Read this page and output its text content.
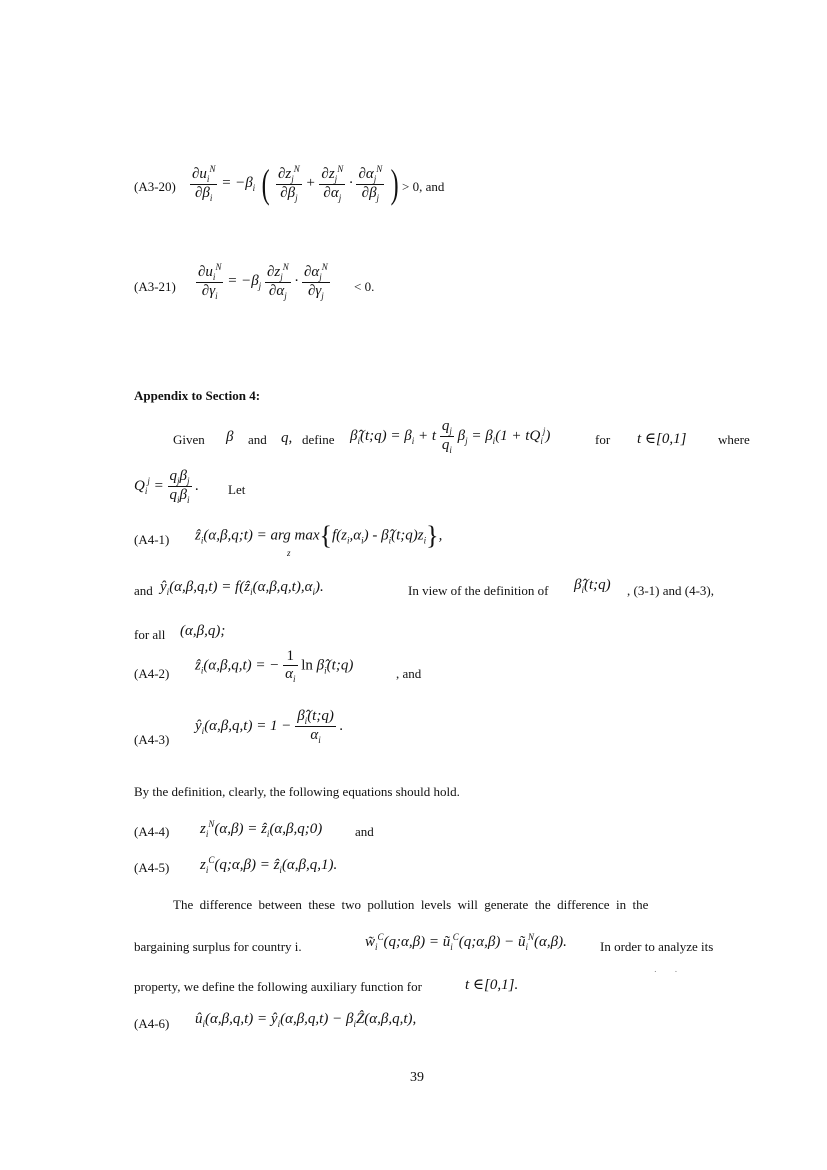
$(A3-20) \frac{\partial u_i^N}{\partial\beta_i} = -\beta_i$ ( $\frac{\partial z_j^N}{\partial\beta_j} + \frac{\partial z_j^N}{\partial\alpha_j} \cdot \frac{\partial\alpha_j^N}{\partial\beta_j}$ ) > 0, and
$(A3-21) \frac{\partial u_i^N}{\partial\gamma_i} = -\beta_j \frac{\partial z_j^N}{\partial\alpha_j} \cdot \frac{\partial\alpha_j^N}{\partial\gamma_j} < 0$.
Appendix to Section 4:
Given β and q, define $\betâ_i(t;q) = \beta_i + t \frac{q_j}{q_i} \beta_j = \beta_i(1 + tQ_i^j)$	for t ∈[0,1] where
$Q_i^j = \frac{q_j\beta_j}{q_i\beta_i}$ . Let
(A4-1) $ẑ_i(\alpha,\beta,q;t)$ = arg $\max\{f(z_i,\alpha_i)$ - $\betâ_i(t;q)z_i$},
z
and $ŷ_i(\alpha,\beta,q,t)$ = $f(ẑ_i(\alpha,\beta,q,t),\alpha_i)$.	In view of the definition of $\betâ_i(t;q)$ , (3-1) and (4-3),
for all (α,β,q);
(A4-2)
$ẑ_i(\alpha,\beta,q,t)$ = − $\frac{1}{\alpha_i}$ $\ln \betâ_i(t;q)$
, and
(A4-3)
$ŷ_i(\alpha,\beta,q,t) = 1 - \frac{\betâ_i(t;q)}{\alpha_i}$ .
By the definition, clearly, the following equations should hold.
(A4-4) $z_i^N(\alpha,\beta)$ = $ẑ_i(\alpha,\beta,q;0)$	and
(A4-5) $z_i^C(q;\alpha,\beta)$ = $ẑ_i(\alpha,\beta,q,1)$.
The difference between these two pollution levels will generate the difference in the
bargaining surplus for country i.	$w̃_i^C(q;\alpha,\beta)$ = $ũ_i^C(q;\alpha,\beta)$ − $ũ_i^N(\alpha,\beta)$.	In order to analyze its
property, we define the following auxiliary function for	t ∈[0,1].
․         ․
(A4-6) $û_i(\alpha,\beta,q,t)$ = $ŷ_i(\alpha,\beta,q,t)$ − $\beta_iẐ(\alpha,\beta,q,t)$,
39
